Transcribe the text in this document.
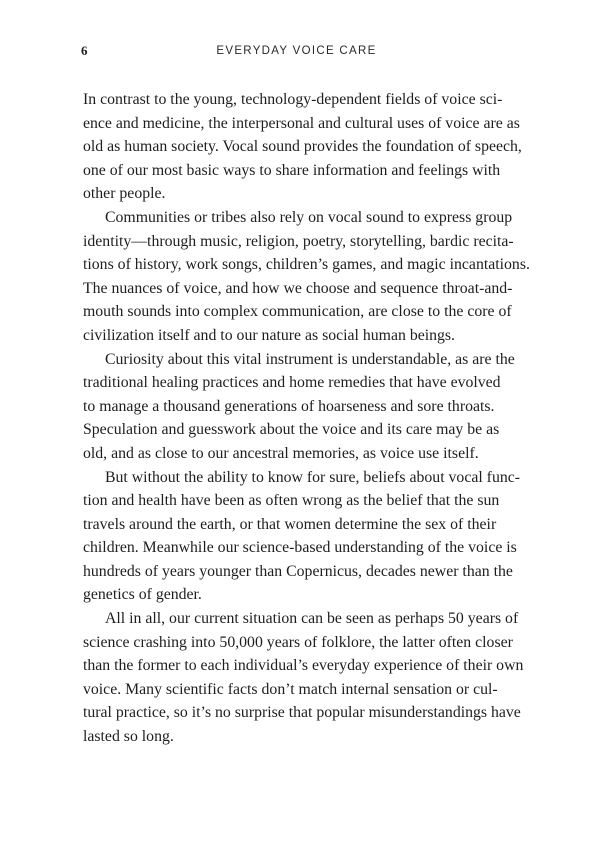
6	EVERYDAY VOICE CARE
In contrast to the young, technology-dependent fields of voice sci-
ence and medicine, the interpersonal and cultural uses of voice are as
old as human society. Vocal sound provides the foundation of speech,
one of our most basic ways to share information and feelings with
other people.
Communities or tribes also rely on vocal sound to express group
identity—through music, religion, poetry, storytelling, bardic recita-
tions of history, work songs, children’s games, and magic incantations.
The nuances of voice, and how we choose and sequence throat-and-
mouth sounds into complex communication, are close to the core of
civilization itself and to our nature as social human beings.
Curiosity about this vital instrument is understandable, as are the
traditional healing practices and home remedies that have evolved
to manage a thousand generations of hoarseness and sore throats.
Speculation and guesswork about the voice and its care may be as
old, and as close to our ancestral memories, as voice use itself.
But without the ability to know for sure, beliefs about vocal func-
tion and health have been as often wrong as the belief that the sun
travels around the earth, or that women determine the sex of their
children. Meanwhile our science-based understanding of the voice is
hundreds of years younger than Copernicus, decades newer than the
genetics of gender.
All in all, our current situation can be seen as perhaps 50 years of
science crashing into 50,000 years of folklore, the latter often closer
than the former to each individual’s everyday experience of their own
voice. Many scientific facts don’t match internal sensation or cul-
tural practice, so it’s no surprise that popular misunderstandings have
lasted so long.
